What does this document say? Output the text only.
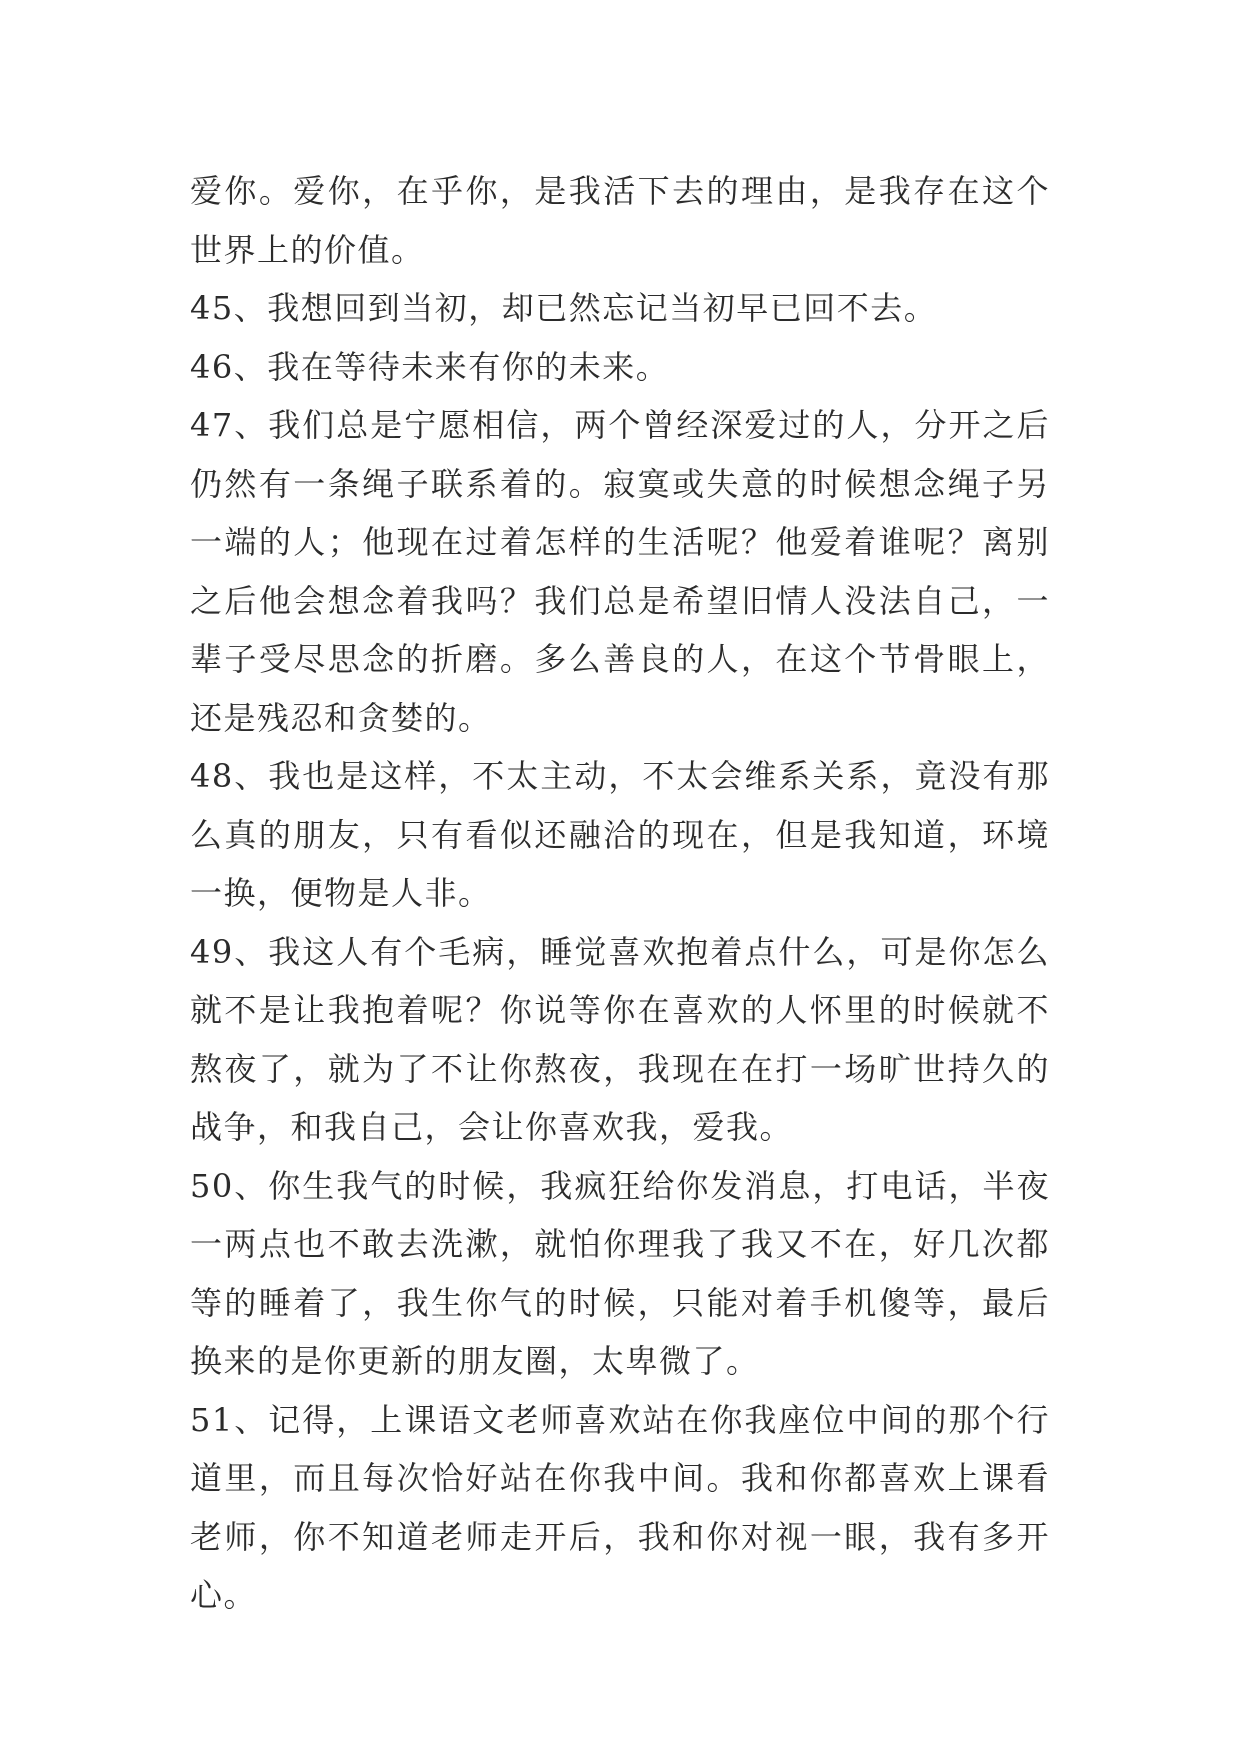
爱你。爱你，在乎你，是我活下去的理由，是我存在这个世界上的价值。

45、我想回到当初，却已然忘记当初早已回不去。

46、我在等待未来有你的未来。

47、我们总是宁愿相信，两个曾经深爱过的人，分开之后仍然有一条绳子联系着的。寂寞或失意的时候想念绳子另一端的人；他现在过着怎样的生活呢？他爱着谁呢？离别之后他会想念着我吗？我们总是希望旧情人没法自己，一辈子受尽思念的折磨。多么善良的人，在这个节骨眼上，还是残忍和贪婪的。

48、我也是这样，不太主动，不太会维系关系，竟没有那么真的朋友，只有看似还融洽的现在，但是我知道，环境一换，便物是人非。

49、我这人有个毛病，睡觉喜欢抱着点什么，可是你怎么就不是让我抱着呢？你说等你在喜欢的人怀里的时候就不熬夜了，就为了不让你熬夜，我现在在打一场旷世持久的战争，和我自己，会让你喜欢我，爱我。

50、你生我气的时候，我疯狂给你发消息，打电话，半夜一两点也不敢去洗漱，就怕你理我了我又不在，好几次都等的睡着了，我生你气的时候，只能对着手机傻等，最后换来的是你更新的朋友圈，太卑微了。

51、记得，上课语文老师喜欢站在你我座位中间的那个行道里，而且每次恰好站在你我中间。我和你都喜欢上课看老师，你不知道老师走开后，我和你对视一眼，我有多开心。
